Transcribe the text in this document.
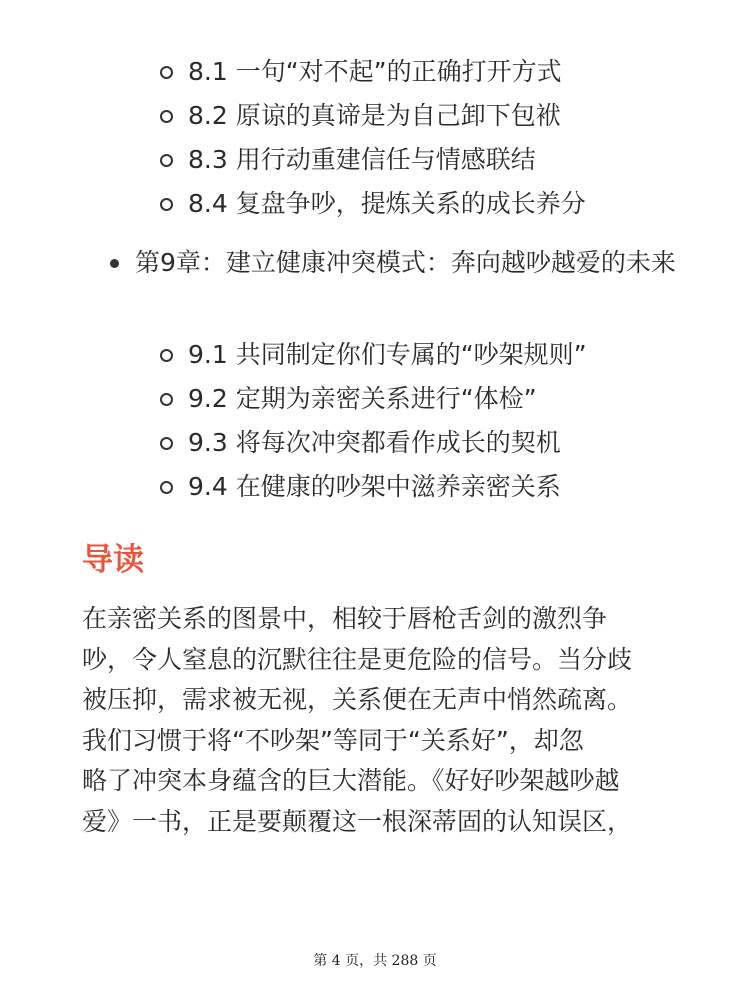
8.1 一句“对不起”的正确打开方式
8.2 原谅的真谛是为自己卸下包袱
8.3 用行动重建信任与情感联结
8.4 复盘争吵，提炼关系的成长养分
第9章：建立健康冲突模式：奔向越吵越爱的未来
9.1 共同制定你们专属的“吵架规则”
9.2 定期为亲密关系进行“体检”
9.3 将每次冲突都看作成长的契机
9.4 在健康的吵架中滋养亲密关系
导读

在亲密关系的图景中，相较于唇枪舌剑的激烈争
吵，令人窒息的沉默往往是更危险的信号。当分歧
被压抑，需求被无视，关系便在无声中悄然疏离。
我们习惯于将“不吵架”等同于“关系好”，却忽
略了冲突本身蕴含的巨大潜能。《好好吵架越吵越
爱》一书，正是要颠覆这一根深蒂固的认知误区，

第 4 页，共 288 页
